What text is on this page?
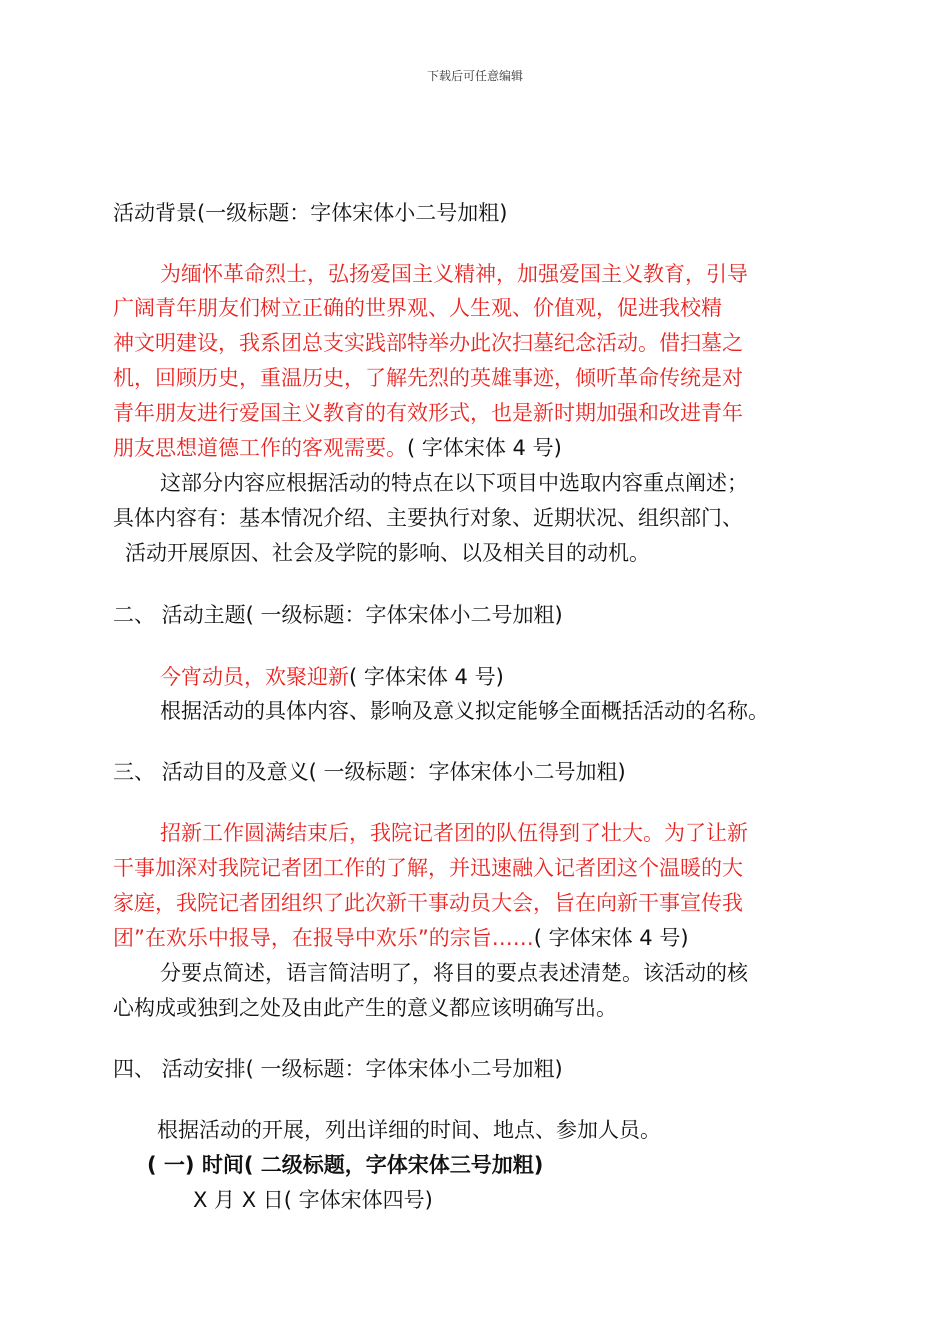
下载后可任意编辑
活动背景(一级标题：字体宋体小二号加粗)
为缅怀革命烈士，弘扬爱国主义精神，加强爱国主义教育，引导
广阔青年朋友们树立正确的世界观、人生观、价值观，促进我校精
神文明建设，我系团总支实践部特举办此次扫墓纪念活动。借扫墓之
机，回顾历史，重温历史，了解先烈的英雄事迹，倾听革命传统是对
青年朋友进行爱国主义教育的有效形式，也是新时期加强和改进青年
朋友思想道德工作的客观需要。( 字体宋体 4 号)
这部分内容应根据活动的特点在以下项目中选取内容重点阐述；
具体内容有：基本情况介绍、主要执行对象、近期状况、组织部门、
活动开展原因、社会及学院的影响、以及相关目的动机。
二、 活动主题( 一级标题：字体宋体小二号加粗)
今宵动员，欢聚迎新( 字体宋体 4 号)
根据活动的具体内容、影响及意义拟定能够全面概括活动的名称。
三、 活动目的及意义( 一级标题：字体宋体小二号加粗)
招新工作圆满结束后，我院记者团的队伍得到了壮大。为了让新
干事加深对我院记者团工作的了解，并迅速融入记者团这个温暖的大
家庭，我院记者团组织了此次新干事动员大会，旨在向新干事宣传我
团”在欢乐中报导，在报导中欢乐”的宗旨……( 字体宋体 4 号)
分要点简述，语言简洁明了，将目的要点表述清楚。该活动的核
心构成或独到之处及由此产生的意义都应该明确写出。
四、 活动安排( 一级标题：字体宋体小二号加粗)
根据活动的开展，列出详细的时间、地点、参加人员。
( 一) 时间( 二级标题，字体宋体三号加粗)
X 月 X 日( 字体宋体四号)
